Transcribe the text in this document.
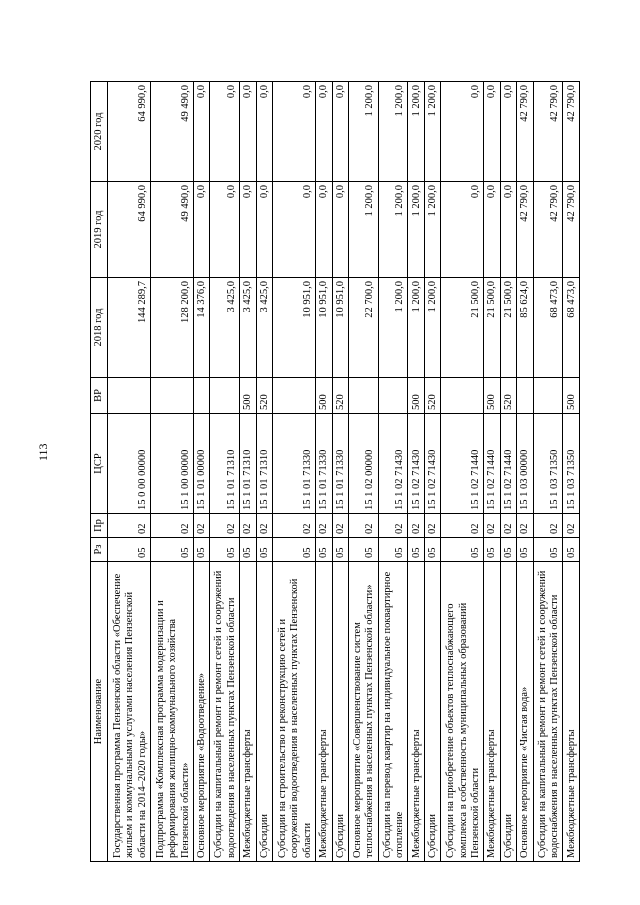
113
Наименование	Рз	Пр	ЦСР	ВР	2018 год	2019 год	2020 год
Государственная программа Пензенской области «Обеспечение жильем и коммунальными услугами населения Пензенской области на 2014–2020 годы»	05	02	15 0 00 00000		144 289,7	64 990,0	64 990,0
Подпрограмма «Комплексная программа модернизации и реформирования жилищно-коммунального хозяйства Пензенской области»	05	02	15 1 00 00000		128 200,0	49 490,0	49 490,0
Основное мероприятие «Водоотведение»	05	02	15 1 01 00000		14 376,0	0,0	0,0
Субсидии на капитальный ремонт и ремонт сетей и сооружений водоотведения в населенных пунктах Пензенской области	05	02	15 1 01 71310		3 425,0	0,0	0,0
Межбюджетные трансферты	05	02	15 1 01 71310	500	3 425,0	0,0	0,0
Субсидии	05	02	15 1 01 71310	520	3 425,0	0,0	0,0
Субсидии на строительство и реконструкцию сетей и сооружений водоотведения в населенных пунктах Пензенской области	05	02	15 1 01 71330		10 951,0	0,0	0,0
Межбюджетные трансферты	05	02	15 1 01 71330	500	10 951,0	0,0	0,0
Субсидии	05	02	15 1 01 71330	520	10 951,0	0,0	0,0
Основное мероприятие «Совершенствование систем теплоснабжения в населенных пунктах Пензенской области»	05	02	15 1 02 00000		22 700,0	1 200,0	1 200,0
Субсидии на перевод квартир на индивидуальное поквартирное отопление	05	02	15 1 02 71430		1 200,0	1 200,0	1 200,0
Межбюджетные трансферты	05	02	15 1 02 71430	500	1 200,0	1 200,0	1 200,0
Субсидии	05	02	15 1 02 71430	520	1 200,0	1 200,0	1 200,0
Субсидии на приобретение объектов теплоснабжающего комплекса в собственность муниципальных образований Пензенской области	05	02	15 1 02 71440		21 500,0	0,0	0,0
Межбюджетные трансферты	05	02	15 1 02 71440	500	21 500,0	0,0	0,0
Субсидии	05	02	15 1 02 71440	520	21 500,0	0,0	0,0
Основное мероприятие «Чистая вода»	05	02	15 1 03 00000		85 624,0	42 790,0	42 790,0
Субсидии на капитальный ремонт и ремонт сетей и сооружений водоснабжения в населенных пунктах Пензенской области	05	02	15 1 03 71350		68 473,0	42 790,0	42 790,0
Межбюджетные трансферты	05	02	15 1 03 71350	500	68 473,0	42 790,0	42 790,0
